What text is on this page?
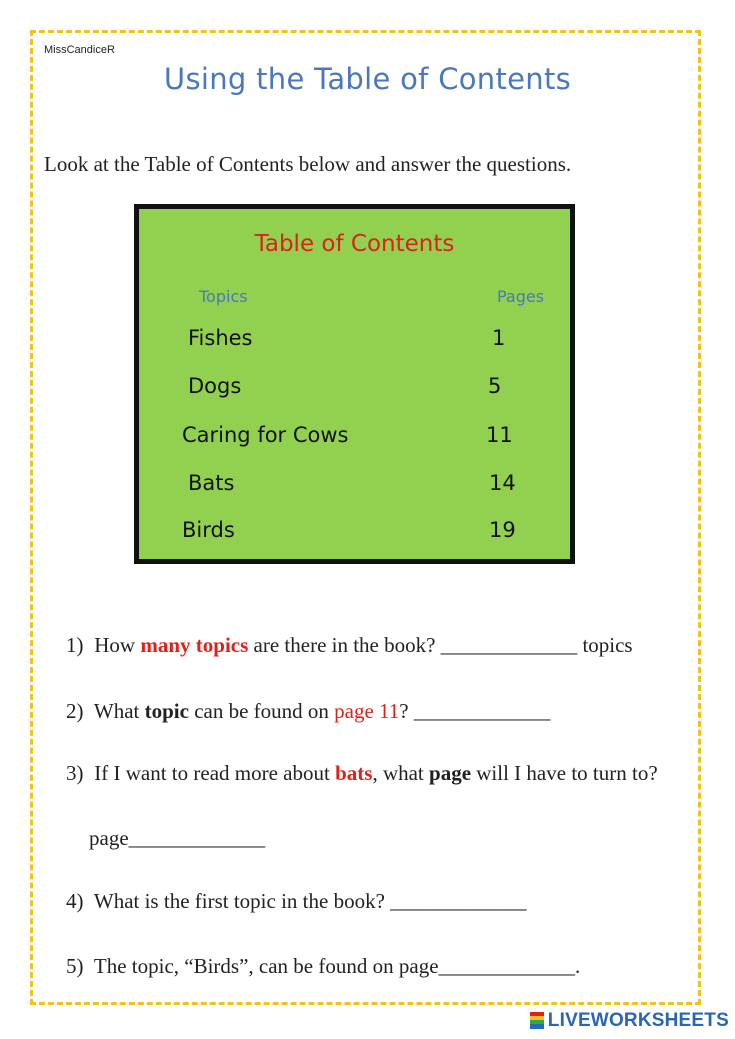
MissCandiceR
Using the Table of Contents
Look at the Table of Contents below and answer the questions.
Table of Contents
Topics	Pages
Fishes	1
Dogs	5
Caring for Cows	11
Bats	14
Birds	19
1) How many topics are there in the book? _____________ topics
2) What topic can be found on page 11? _____________
3) If I want to read more about bats, what page will I have to turn to?
page_____________
4) What is the first topic in the book? _____________
5) The topic, “Birds”, can be found on page_____________.
LIVEWORKSHEETS
